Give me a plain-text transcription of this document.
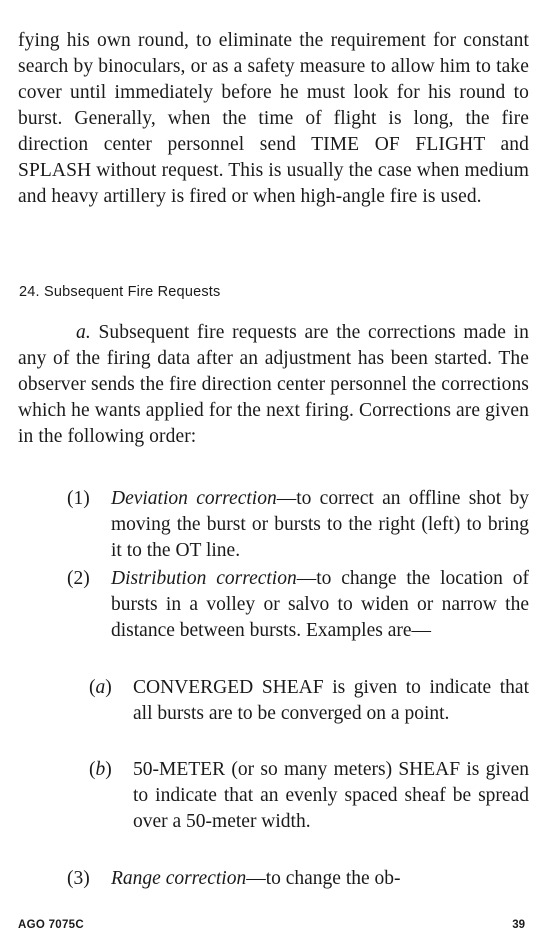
fying his own round, to eliminate the requirement for constant search by binoculars, or as a safety measure to allow him to take cover until immediately before he must look for his round to burst. Generally, when the time of flight is long, the fire direction center personnel send TIME OF FLIGHT and SPLASH without request. This is usually the case when medium and heavy artillery is fired or when high-angle fire is used.

24. Subsequent Fire Requests

a. Subsequent fire requests are the corrections made in any of the firing data after an adjustment has been started. The observer sends the fire direction center personnel the corrections which he wants applied for the next firing. Corrections are given in the following order:

(1) Deviation correction—to correct an offline shot by moving the burst or bursts to the right (left) to bring it to the OT line.
(2) Distribution correction—to change the location of bursts in a volley or salvo to widen or narrow the distance between bursts. Examples are—
(a) CONVERGED SHEAF is given to indicate that all bursts are to be converged on a point.
(b) 50-METER (or so many meters) SHEAF is given to indicate that an evenly spaced sheaf be spread over a 50-meter width.
(3) Range correction—to change the ob-
AGO 7075C	39
